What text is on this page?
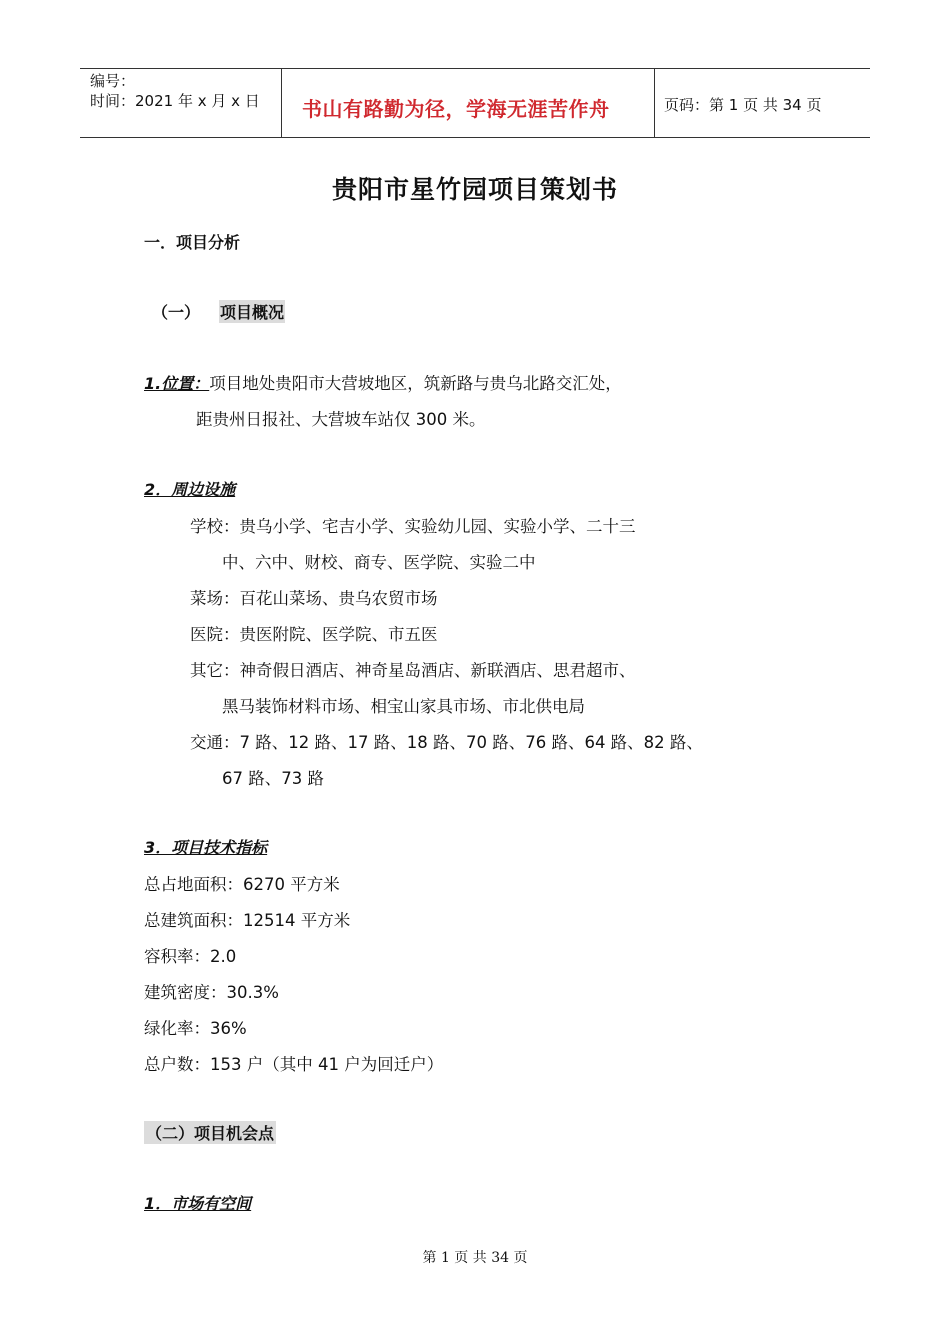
编号：
时间：2021 年 x 月 x 日 书山有路勤为径，学海无涯苦作舟	页码：第 1 页 共 34 页
贵阳市星竹园项目策划书
一．项目分析
（一） 项目概况
1.位置：项目地处贵阳市大营坡地区，筑新路与贵乌北路交汇处，
距贵州日报社、大营坡车站仅 300 米。
2．周边设施
学校：贵乌小学、宅吉小学、实验幼儿园、实验小学、二十三
中、六中、财校、商专、医学院、实验二中
菜场：百花山菜场、贵乌农贸市场
医院：贵医附院、医学院、市五医
其它：神奇假日酒店、神奇星岛酒店、新联酒店、思君超市、
黑马装饰材料市场、相宝山家具市场、市北供电局
交通：7 路、12 路、17 路、18 路、70 路、76 路、64 路、82 路、
67 路、73 路
3．项目技术指标
总占地面积：6270 平方米
总建筑面积：12514 平方米
容积率：2.0
建筑密度：30.3%
绿化率：36%
总户数：153 户（其中 41 户为回迁户）
（二）项目机会点
1．市场有空间
第 1 页 共 34 页
